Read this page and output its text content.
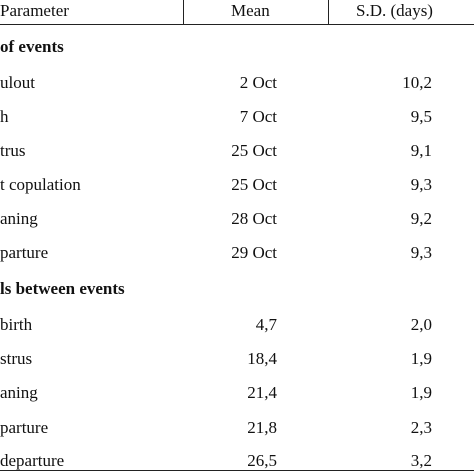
Parameter	Mean	S.D. (days)
of events
ulout	2 Oct	10,2
h	7 Oct	9,5
trus	25 Oct	9,1
t copulation	25 Oct	9,3
aning	28 Oct	9,2
parture	29 Oct	9,3
ls between events
birth	4,7	2,0
strus	18,4	1,9
aning	21,4	1,9
parture	21,8	2,3
departure	26,5	3,2
